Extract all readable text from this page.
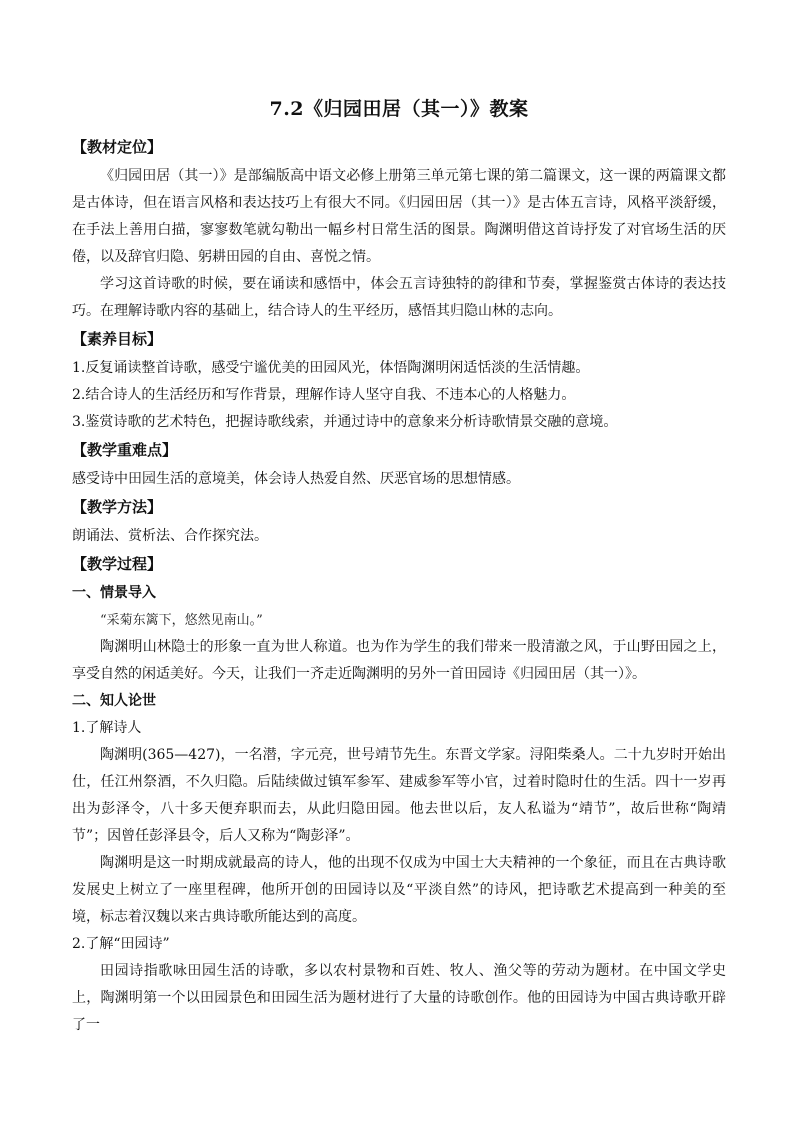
7.2《归园田居（其一）》教案
【教材定位】

《归园田居（其一）》是部编版高中语文必修上册第三单元第七课的第二篇课文，这一课的两篇课文都是古体诗，但在语言风格和表达技巧上有很大不同。《归园田居（其一）》是古体五言诗，风格平淡舒缓，在手法上善用白描，寥寥数笔就勾勒出一幅乡村日常生活的图景。陶渊明借这首诗抒发了对官场生活的厌倦，以及辞官归隐、躬耕田园的自由、喜悦之情。

学习这首诗歌的时候，要在诵读和感悟中，体会五言诗独特的韵律和节奏，掌握鉴赏古体诗的表达技巧。在理解诗歌内容的基础上，结合诗人的生平经历，感悟其归隐山林的志向。

【素养目标】

1.反复诵读整首诗歌，感受宁谧优美的田园风光，体悟陶渊明闲适恬淡的生活情趣。

2.结合诗人的生活经历和写作背景，理解作诗人坚守自我、不违本心的人格魅力。

3.鉴赏诗歌的艺术特色，把握诗歌线索，并通过诗中的意象来分析诗歌情景交融的意境。

【教学重难点】

感受诗中田园生活的意境美，体会诗人热爱自然、厌恶官场的思想情感。

【教学方法】

朗诵法、赏析法、合作探究法。

【教学过程】
一、情景导入

“采菊东篱下，悠然见南山。”

陶渊明山林隐士的形象一直为世人称道。也为作为学生的我们带来一股清澈之风，于山野田园之上，享受自然的闲适美好。今天，让我们一齐走近陶渊明的另外一首田园诗《归园田居（其一）》。

二、知人论世

1.了解诗人

陶渊明(365—427)，一名潜，字元亮，世号靖节先生。东晋文学家。浔阳柴桑人。二十九岁时开始出仕，任江州祭酒，不久归隐。后陆续做过镇军参军、建威参军等小官，过着时隐时仕的生活。四十一岁再出为彭泽令，八十多天便弃职而去，从此归隐田园。他去世以后，友人私谥为“靖节”，故后世称“陶靖节”；因曾任彭泽县令，后人又称为“陶彭泽”。

陶渊明是这一时期成就最高的诗人，他的出现不仅成为中国士大夫精神的一个象征，而且在古典诗歌发展史上树立了一座里程碑，他所开创的田园诗以及“平淡自然”的诗风，把诗歌艺术提高到一种美的至境，标志着汉魏以来古典诗歌所能达到的高度。

2.了解“田园诗”

田园诗指歌咏田园生活的诗歌，多以农村景物和百姓、牧人、渔父等的劳动为题材。在中国文学史上，陶渊明第一个以田园景色和田园生活为题材进行了大量的诗歌创作。他的田园诗为中国古典诗歌开辟了一
